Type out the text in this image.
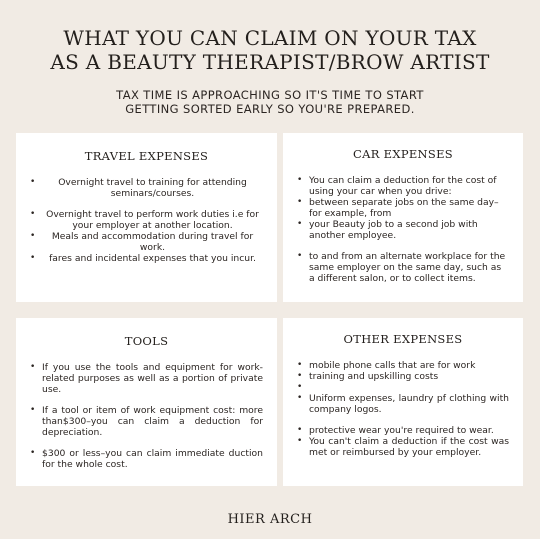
WHAT YOU CAN CLAIM ON YOUR TAX
AS A BEAUTY THERAPIST/BROW ARTIST
TAX TIME IS APPROACHING SO IT'S TIME TO START
GETTING SORTED EARLY SO YOU'RE PREPARED.
TRAVEL EXPENSES
• Overnight travel to training for attending seminars/courses.
• Overnight travel to perform work duties i.e for your employer at another location.
• Meals and accommodation during travel for work.
• fares and incidental expenses that you incur.
CAR EXPENSES
• You can claim a deduction for the cost of using your car when you drive:
• between separate jobs on the same day–for example, from
• your Beauty job to a second job with another employee.
• to and from an alternate workplace for the same employer on the same day, such as a different salon, or to collect items.
TOOLS
• If you use the tools and equipment for work-related purposes as well as a portion of private use.
• If a tool or item of work equipment cost: more than$300–you can claim a deduction for depreciation.
• $300 or less–you can claim immediate duction for the whole cost.
OTHER EXPENSES
• mobile phone calls that are for work
• training and upskilling costs
•
• Uniform expenses, laundry pf clothing with company logos.
• protective wear you're required to wear.
• You can't claim a deduction if the cost was met or reimbursed by your employer.
HIER ARCH
